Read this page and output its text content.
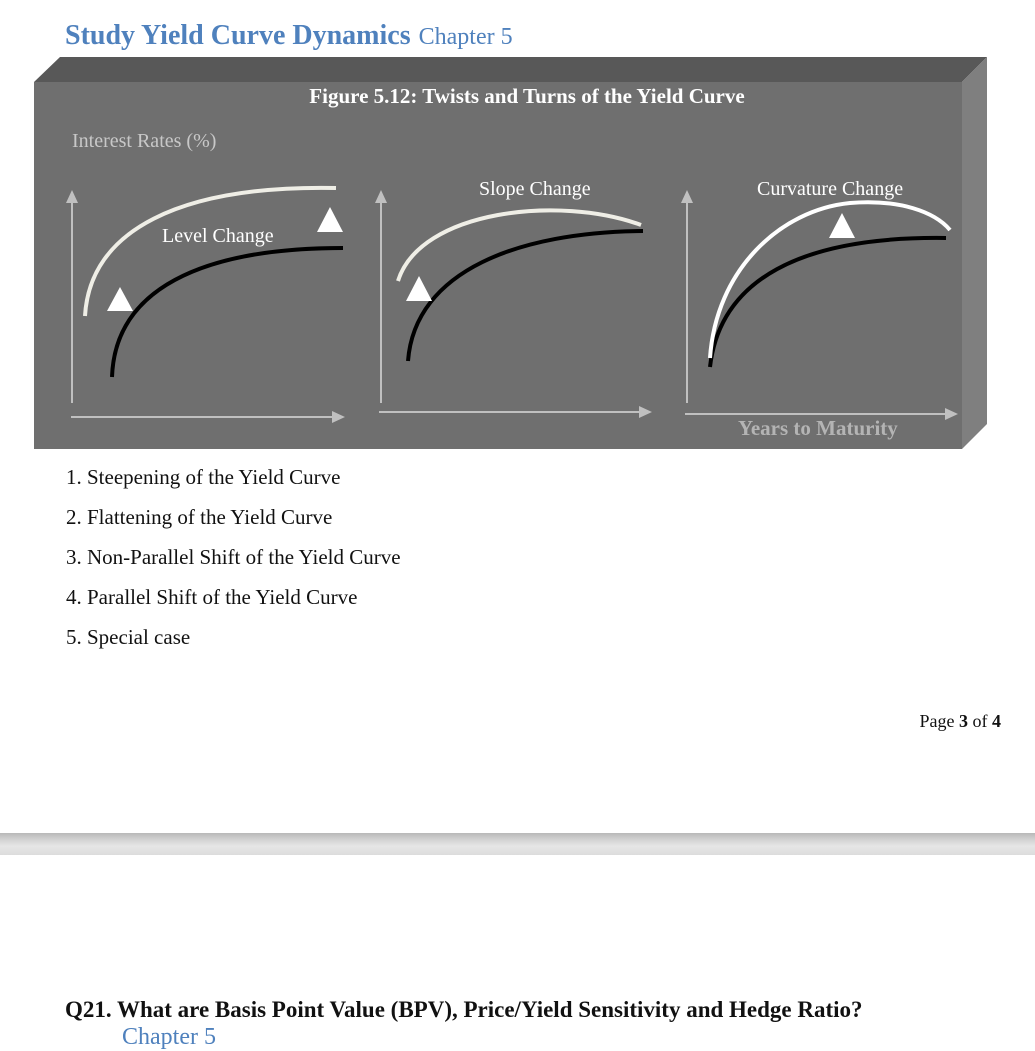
Study Yield Curve Dynamics Chapter 5
Figure 5.12: Twists and Turns of the Yield Curve
Interest Rates (%)
Level Change
Slope Change	Curvature Change
Years to Maturity
1. Steepening of the Yield Curve
2. Flattening of the Yield Curve
3. Non-Parallel Shift of the Yield Curve
4. Parallel Shift of the Yield Curve
5. Special case
Page 3 of 4
Q21. What are Basis Point Value (BPV), Price/Yield Sensitivity and Hedge Ratio?
Chapter 5
